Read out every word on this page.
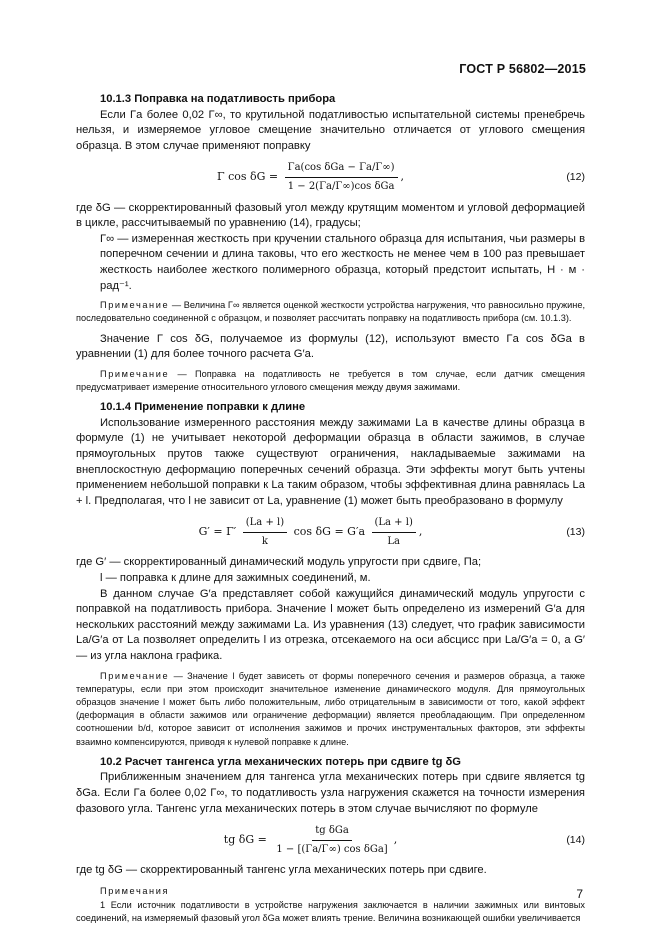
ГОСТ Р 56802—2015

10.1.3 Поправка на податливость прибора

Если Γa более 0,02 Γ∞, то крутильной податливостью испытательной системы пренебречь нельзя, и измеряемое угловое смещение значительно отличается от углового смещения образца. В этом случае применяют поправку

Γ $\cos \delta G = \frac{\text{Γa(cos δGa − Γa/Γ∞)}}{\text{1 − 2(Γa/Γ∞)cos δGa}}$ ,	(12)
где δG — скорректированный фазовый угол между крутящим моментом и угловой деформацией в цикле, рассчитываемый по уравнению (14), градусы;
Γ∞ — измеренная жесткость при кручении стального образца для испытания, чьи размеры в поперечном сечении и длина таковы, что его жесткость не менее чем в 100 раз превышает жесткость наиболее жесткого полимерного образца, который предстоит испытать, Н · м · рад⁻¹.

Примечание — Величина Γ∞ является оценкой жесткости устройства нагружения, что равносильно пружине, последовательно соединенной с образцом, и позволяет рассчитать поправку на податливость прибора (см. 10.1.3).

Значение Γ cos δG, получаемое из формулы (12), используют вместо Γa cos δGa в уравнении (1) для более точного расчета G′a.

Примечание — Поправка на податливость не требуется в том случае, если датчик смещения предусматривает измерение относительного углового смещения между двумя зажимами.

10.1.4 Применение поправки к длине

Использование измеренного расстояния между зажимами La в качестве длины образца в формуле (1) не учитывает некоторой деформации образца в области зажимов, в случае прямоугольных прутов также существуют ограничения, накладываемые зажимами на внеплоскостную деформацию поперечных сечений образца. Эти эффекты могут быть учтены применением небольшой поправки к La таким образом, чтобы эффективная длина равнялась La + l. Предполагая, что l не зависит от La, уравнение (1) может быть преобразовано в формулу

$G' = \Gamma' \frac{(La + l)}{k}$ $\cos \delta G = G'a \frac{(La + l)}{La}$ ,	(13)

где G′ — скорректированный динамический модуль упругости при сдвиге, Па;

l — поправка к длине для зажимных соединений, м.

В данном случае G′a представляет собой кажущийся динамический модуль упругости с поправкой на податливость прибора. Значение l может быть определено из измерений G′a для нескольких расстояний между зажимами La. Из уравнения (13) следует, что график зависимости La/G′a от La позволяет определить l из отрезка, отсекаемого на оси абсцисс при La/G′a = 0, а G′ — из угла наклона графика.

Примечание — Значение l будет зависеть от формы поперечного сечения и размеров образца, а также температуры, если при этом происходит значительное изменение динамического модуля. Для прямоугольных образцов значение l может быть либо положительным, либо отрицательным в зависимости от того, какой эффект (деформация в области зажимов или ограничение деформации) является преобладающим. При определенном соотношении b/d, которое зависит от исполнения зажимов и прочих инструментальных факторов, эти эффекты взаимно компенсируются, приводя к нулевой поправке к длине.

10.2 Расчет тангенса угла механических потерь при сдвиге tg δG

Приближенным значением для тангенса угла механических потерь при сдвиге является tg δGa. Если Γa более 0,02 Γ∞, то податливость узла нагружения скажется на точности измерения фазового угла. Тангенс угла механических потерь в этом случае вычисляют по формуле

tg $\delta G = \frac{\text{tg δGa}}{\text{1 − [(Γa/Γ∞) cos δGa]}}$ ,	(14)

где tg δG — скорректированный тангенс угла механических потерь при сдвиге.

Примечания

1 Если источник податливости в устройстве нагружения заключается в наличии зажимных или винтовых соединений, на измеряемый фазовый угол δGa может влиять трение. Величина возникающей ошибки увеличивается

7
